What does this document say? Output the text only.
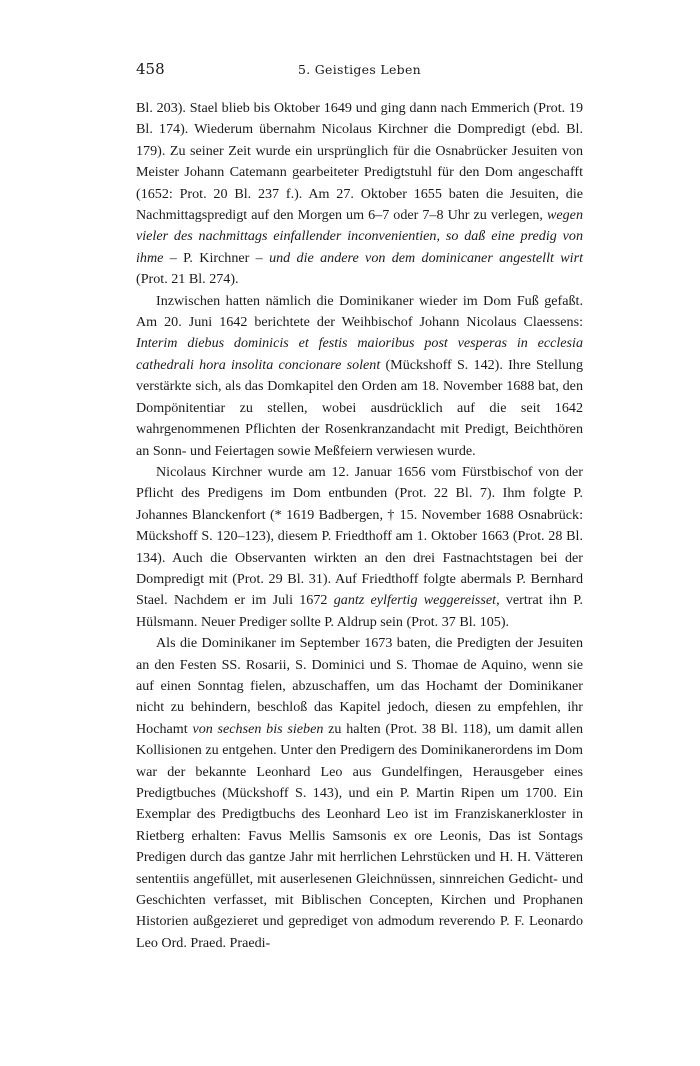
458	5. Geistiges Leben

Bl. 203). Stael blieb bis Oktober 1649 und ging dann nach Emmerich (Prot. 19 Bl. 174). Wiederum übernahm Nicolaus Kirchner die Dompredigt (ebd. Bl. 179). Zu seiner Zeit wurde ein ursprünglich für die Osnabrücker Jesuiten von Meister Johann Catemann gearbeiteter Predigtstuhl für den Dom angeschafft (1652: Prot. 20 Bl. 237 f.). Am 27. Oktober 1655 baten die Jesuiten, die Nachmittagspredigt auf den Morgen um 6–7 oder 7–8 Uhr zu verlegen, wegen vieler des nachmittags einfallender inconvenientien, so daß eine predig von ihme – P. Kirchner – und die andere von dem dominicaner angestellt wirt (Prot. 21 Bl. 274).

Inzwischen hatten nämlich die Dominikaner wieder im Dom Fuß gefaßt. Am 20. Juni 1642 berichtete der Weihbischof Johann Nicolaus Claessens: Interim diebus dominicis et festis maioribus post vesperas in ecclesia cathedrali hora insolita concionare solent (Mückshoff S. 142). Ihre Stellung verstärkte sich, als das Domkapitel den Orden am 18. November 1688 bat, den Dompönitentiar zu stellen, wobei ausdrücklich auf die seit 1642 wahrgenommenen Pflichten der Rosenkranzandacht mit Predigt, Beichthören an Sonn- und Feiertagen sowie Meßfeiern verwiesen wurde.

Nicolaus Kirchner wurde am 12. Januar 1656 vom Fürstbischof von der Pflicht des Predigens im Dom entbunden (Prot. 22 Bl. 7). Ihm folgte P. Johannes Blanckenfort (* 1619 Badbergen, † 15. November 1688 Osnabrück: Mückshoff S. 120–123), diesem P. Friedthoff am 1. Oktober 1663 (Prot. 28 Bl. 134). Auch die Observanten wirkten an den drei Fastnachtstagen bei der Dompredigt mit (Prot. 29 Bl. 31). Auf Friedthoff folgte abermals P. Bernhard Stael. Nachdem er im Juli 1672 gantz eylfertig weggereisset, vertrat ihn P. Hülsmann. Neuer Prediger sollte P. Aldrup sein (Prot. 37 Bl. 105).

Als die Dominikaner im September 1673 baten, die Predigten der Jesuiten an den Festen SS. Rosarii, S. Dominici und S. Thomae de Aquino, wenn sie auf einen Sonntag fielen, abzuschaffen, um das Hochamt der Dominikaner nicht zu behindern, beschloß das Kapitel jedoch, diesen zu empfehlen, ihr Hochamt von sechsen bis sieben zu halten (Prot. 38 Bl. 118), um damit allen Kollisionen zu entgehen. Unter den Predigern des Dominikanerordens im Dom war der bekannte Leonhard Leo aus Gundelfingen, Herausgeber eines Predigtbuches (Mückshoff S. 143), und ein P. Martin Ripen um 1700. Ein Exemplar des Predigtbuchs des Leonhard Leo ist im Franziskanerkloster in Rietberg erhalten: Favus Mellis Samsonis ex ore Leonis, Das ist Sontags Predigen durch das gantze Jahr mit herrlichen Lehrstücken und H. H. Vätteren sententiis angefüllet, mit auserlesenen Gleichnüssen, sinnreichen Gedicht- und Geschichten verfasset, mit Biblischen Concepten, Kirchen und Prophanen Historien außgezieret und geprediget von admodum reverendo P. F. Leonardo Leo Ord. Praed. Praedi-
